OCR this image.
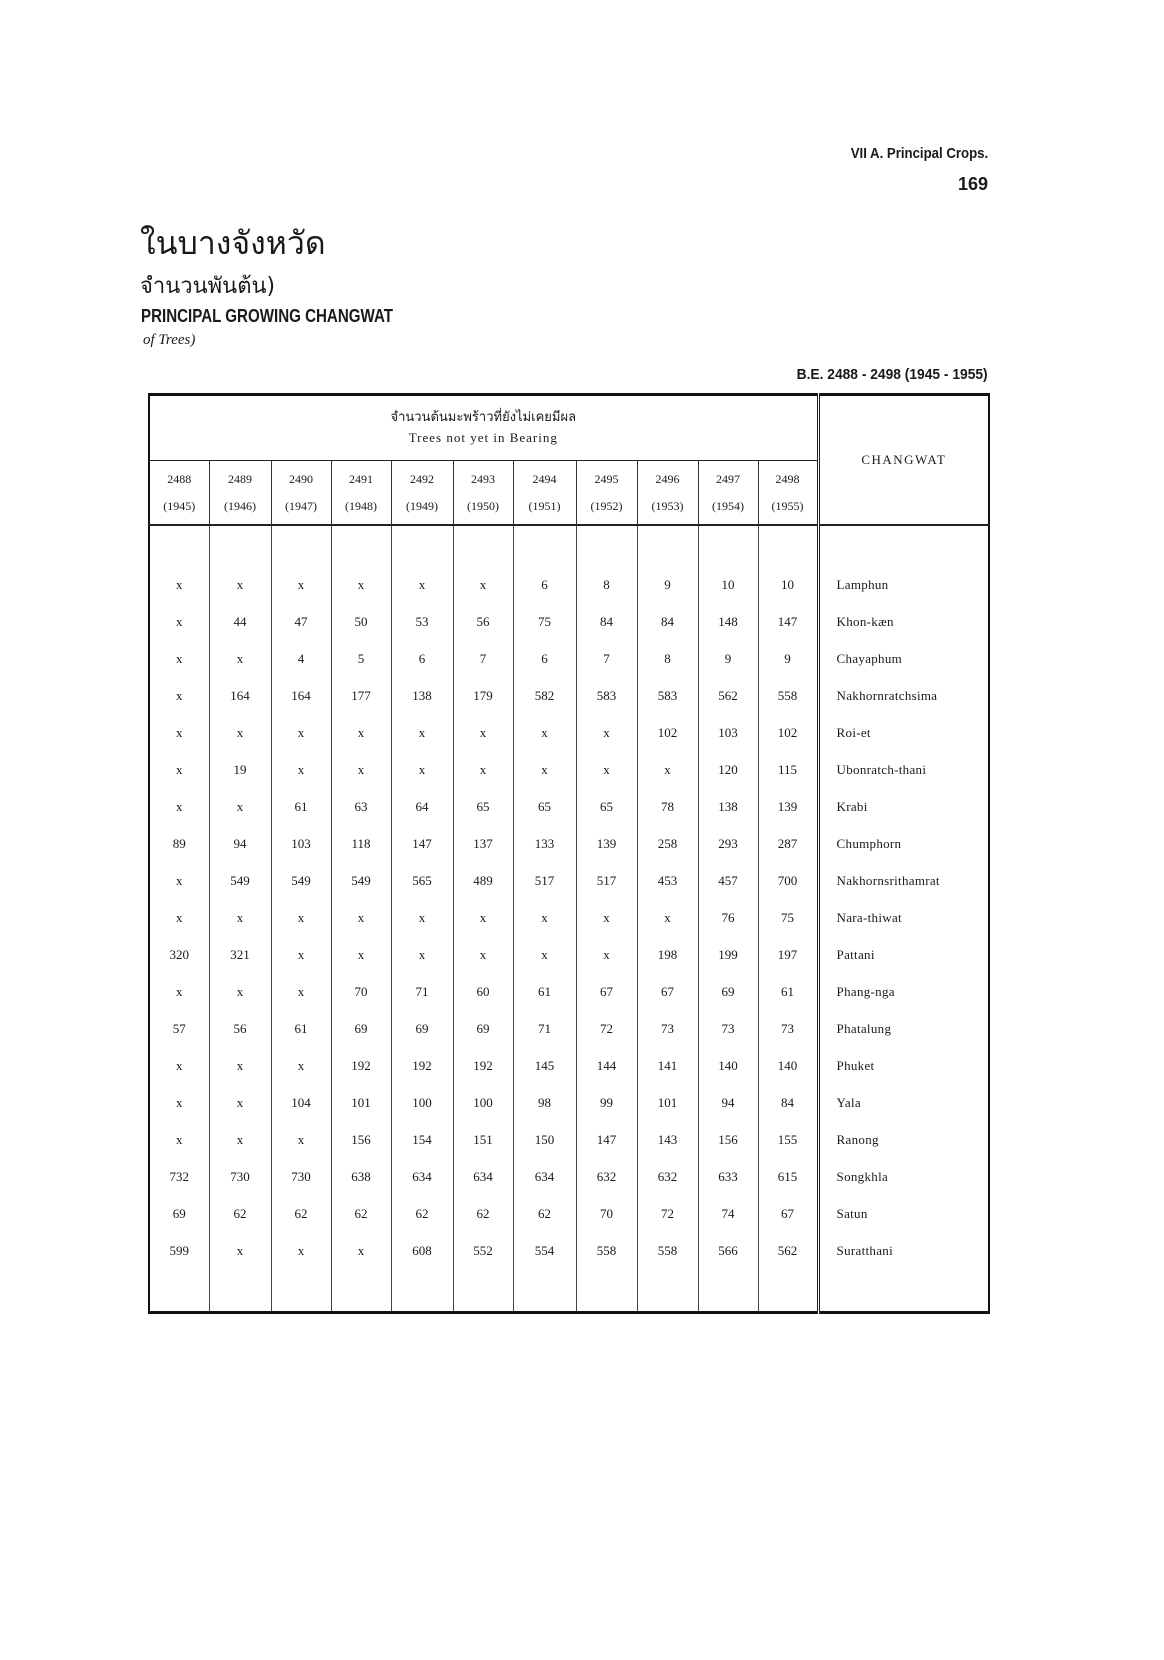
VII A. Principal Crops.
169
ในบางจังหวัด
จำนวนพันต้น)
PRINCIPAL GROWING CHANGWAT
of Trees)
B.E. 2488 - 2498 (1945 - 1955)
จำนวนต้นมะพร้าวที่ยังไม่เคยมีผล
Trees not yet in Bearing											CHANGWAT

2488
(1945)	2489
(1946)	2490
(1947)	2491
(1948)	2492
(1949)	2493
(1950)	2494
(1951)	2495
(1952)	2496
(1953)	2497
(1954)	2498
(1955)	

x	x	x	x	x	x	6	8	9	10	10	Lamphun
x	44	47	50	53	56	75	84	84	148	147	Khon-kæn
x	x	4	5	6	7	6	7	8	9	9	Chayaphum
x	164	164	177	138	179	582	583	583	562	558	Nakhornratchsima
x	x	x	x	x	x	x	x	102	103	102	Roi-et
x	19	x	x	x	x	x	x	x	120	115	Ubonratch-thani
x	x	61	63	64	65	65	65	78	138	139	Krabi
89	94	103	118	147	137	133	139	258	293	287	Chumphorn
x	549	549	549	565	489	517	517	453	457	700	Nakhornsrithamrat
x	x	x	x	x	x	x	x	x	76	75	Nara-thiwat
320	321	x	x	x	x	x	x	198	199	197	Pattani
x	x	x	70	71	60	61	67	67	69	61	Phang-nga
57	56	61	69	69	69	71	72	73	73	73	Phatalung
x	x	x	192	192	192	145	144	141	140	140	Phuket
x	x	104	101	100	100	98	99	101	94	84	Yala
x	x	x	156	154	151	150	147	143	156	155	Ranong
732	730	730	638	634	634	634	632	632	633	615	Songkhla
69	62	62	62	62	62	62	70	72	74	67	Satun
599	x	x	x	608	552	554	558	558	566	562	Suratthani
